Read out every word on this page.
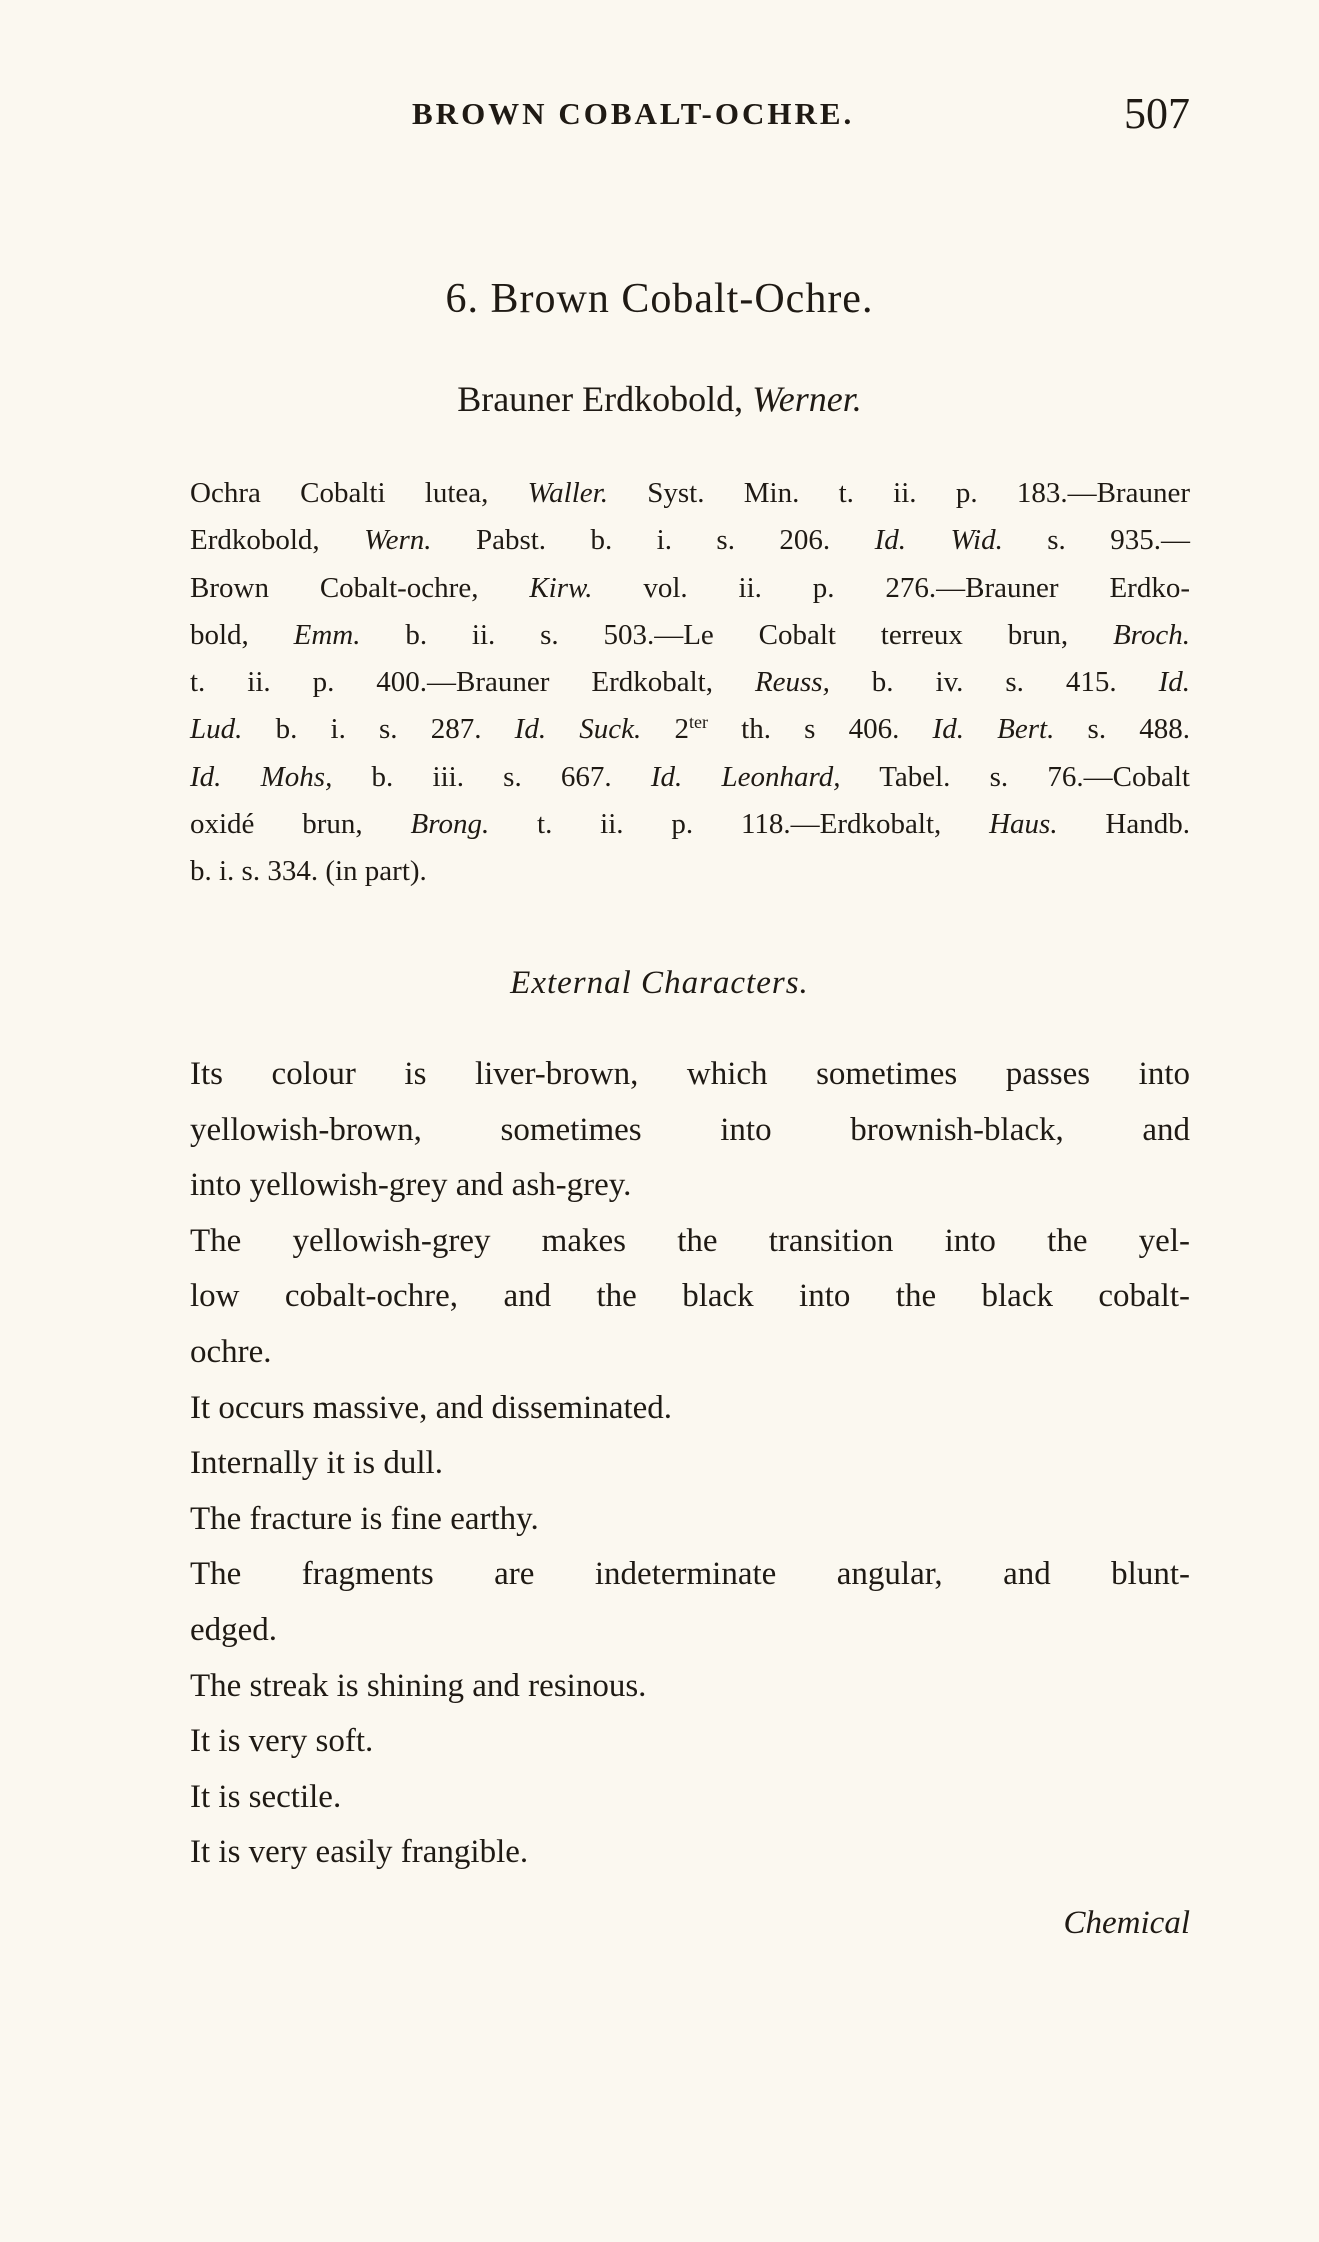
BROWN COBALT-OCHRE.	507
6. Brown Cobalt-Ochre.
Brauner Erdkobold, Werner.
Ochra Cobalti lutea, Waller. Syst. Min. t. ii. p. 183.—Brauner
Erdkobold, Wern. Pabst. b. i. s. 206. Id. Wid. s. 935.—
Brown Cobalt-ochre, Kirw. vol. ii. p. 276.—Brauner Erdko-
bold, Emm. b. ii. s. 503.—Le Cobalt terreux brun, Broch.
t. ii. p. 400.—Brauner Erdkobalt, Reuss, b. iv. s. 415. Id.
Lud. b. i. s. 287. Id. Suck. $2^{ter}$ th. s 406. Id. Bert. s. 488.
Id. Mohs, b. iii. s. 667. Id. Leonhard, Tabel. s. 76.—Cobalt
oxidé brun, Brong. t. ii. p. 118.—Erdkobalt, Haus. Handb.
b. i. s. 334. (in part).
External Characters.
Its colour is liver-brown, which sometimes passes into
yellowish-brown, sometimes into brownish-black, and
into yellowish-grey and ash-grey.
The yellowish-grey makes the transition into the yel-
low cobalt-ochre, and the black into the black cobalt-
ochre.
It occurs massive, and disseminated.
Internally it is dull.
The fracture is fine earthy.
The fragments are indeterminate angular, and blunt-
edged.
The streak is shining and resinous.
It is very soft.
It is sectile.
It is very easily frangible.
Chemical
